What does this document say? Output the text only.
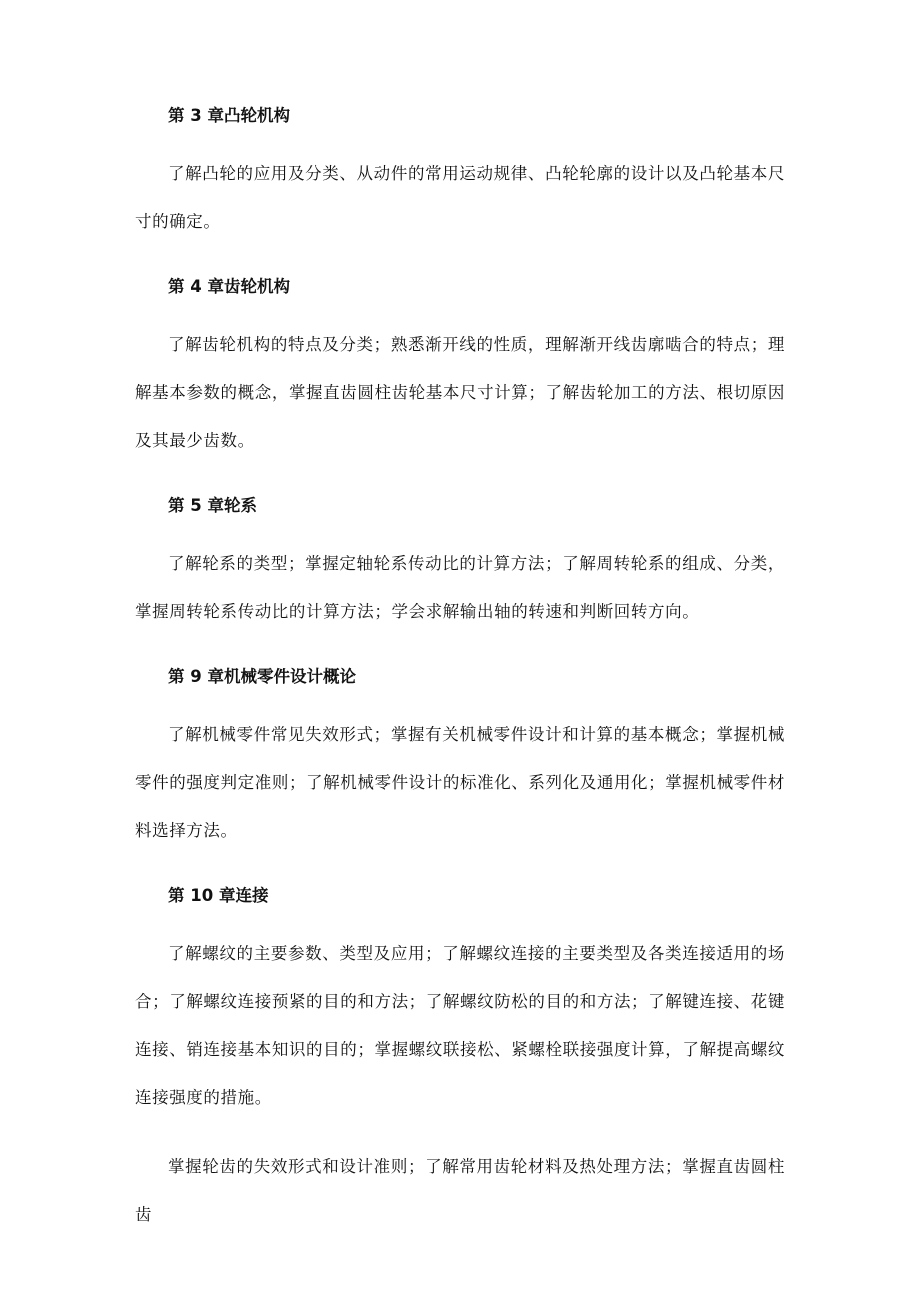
第 3 章凸轮机构

了解凸轮的应用及分类、从动件的常用运动规律、凸轮轮廓的设计以及凸轮基本尺寸的确定。

第 4 章齿轮机构

了解齿轮机构的特点及分类；熟悉渐开线的性质，理解渐开线齿廓啮合的特点；理解基本参数的概念，掌握直齿圆柱齿轮基本尺寸计算；了解齿轮加工的方法、根切原因及其最少齿数。

第 5 章轮系

了解轮系的类型；掌握定轴轮系传动比的计算方法；了解周转轮系的组成、分类，掌握周转轮系传动比的计算方法；学会求解输出轴的转速和判断回转方向。

第 9 章机械零件设计概论

了解机械零件常见失效形式；掌握有关机械零件设计和计算的基本概念；掌握机械零件的强度判定准则；了解机械零件设计的标准化、系列化及通用化；掌握机械零件材料选择方法。

第 10 章连接

了解螺纹的主要参数、类型及应用；了解螺纹连接的主要类型及各类连接适用的场合；了解螺纹连接预紧的目的和方法；了解螺纹防松的目的和方法；了解键连接、花键连接、销连接基本知识的目的；掌握螺纹联接松、紧螺栓联接强度计算，了解提高螺纹连接强度的措施。

掌握轮齿的失效形式和设计准则；了解常用齿轮材料及热处理方法；掌握直齿圆柱齿
